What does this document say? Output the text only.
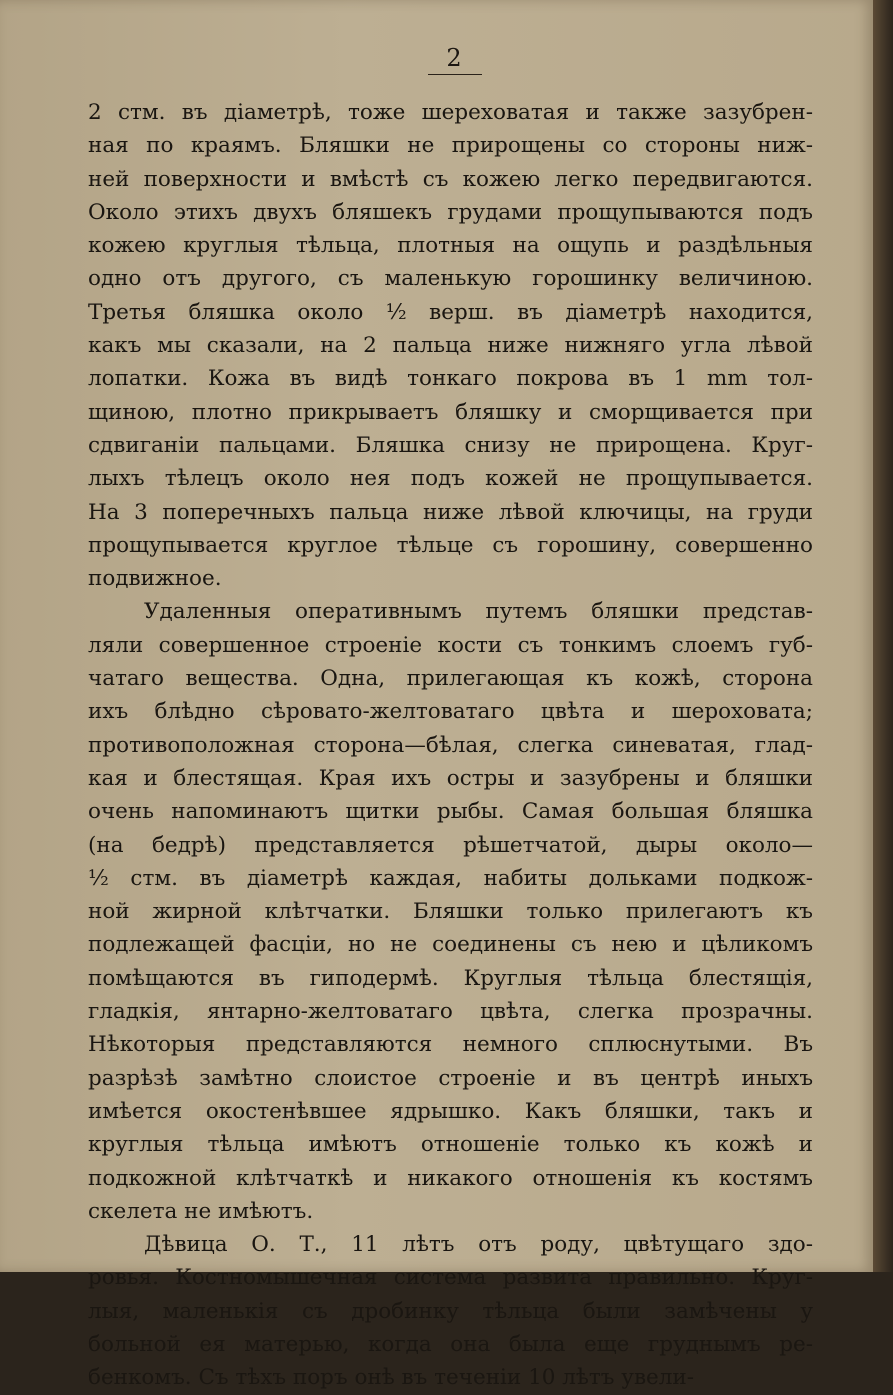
2
2 стм. въ діаметрѣ, тоже шереховатая и также зазубрен-
ная по краямъ. Бляшки не прирощены со стороны ниж-
ней поверхности и вмѣстѣ съ кожею легко передвигаются.
Около этихъ двухъ бляшекъ грудами прощупываются подъ
кожею круглыя тѣльца, плотныя на ощупь и раздѣльныя
одно отъ другого, съ маленькую горошинку величиною.
Третья бляшка около ½ верш. въ діаметрѣ находится,
какъ мы сказали, на 2 пальца ниже нижняго угла лѣвой
лопатки. Кожа въ видѣ тонкаго покрова въ 1 mm тол-
щиною, плотно прикрываетъ бляшку и сморщивается при
сдвиганіи пальцами. Бляшка снизу не прирощена. Круг-
лыхъ тѣлецъ около нея подъ кожей не прощупывается.
На 3 поперечныхъ пальца ниже лѣвой ключицы, на груди
прощупывается круглое тѣльце съ горошину, совершенно
подвижное.
Удаленныя оперативнымъ путемъ бляшки представ-
ляли совершенное строеніе кости съ тонкимъ слоемъ губ-
чатаго вещества. Одна, прилегающая къ кожѣ, сторона
ихъ блѣдно сѣровато-желтоватаго цвѣта и шероховата;
противоположная сторона—бѣлая, слегка синеватая, глад-
кая и блестящая. Края ихъ остры и зазубрены и бляшки
очень напоминаютъ щитки рыбы. Самая большая бляшка
(на бедрѣ) представляется рѣшетчатой, дыры около—
½ стм. въ діаметрѣ каждая, набиты дольками подкож-
ной жирной клѣтчатки. Бляшки только прилегаютъ къ
подлежащей фасціи, но не соединены съ нею и цѣликомъ
помѣщаются въ гиподермѣ. Круглыя тѣльца блестящія,
гладкія, янтарно-желтоватаго цвѣта, слегка прозрачны.
Нѣкоторыя представляются немного сплюснутыми. Въ
разрѣзѣ замѣтно слоистое строеніе и въ центрѣ иныхъ
имѣется окостенѣвшее ядрышко. Какъ бляшки, такъ и
круглыя тѣльца имѣютъ отношеніе только къ кожѣ и
подкожной клѣтчаткѣ и никакого отношенія къ костямъ
скелета не имѣютъ.
Дѣвица О. Т., 11 лѣтъ отъ роду, цвѣтущаго здо-
ровья. Костномышечная система развита правильно. Круг-
лыя, маленькія съ дробинку тѣльца были замѣчены у
больной ея матерью, когда она была еще груднымъ ре-
бенкомъ. Съ тѣхъ поръ онѣ въ теченіи 10 лѣтъ увели-
